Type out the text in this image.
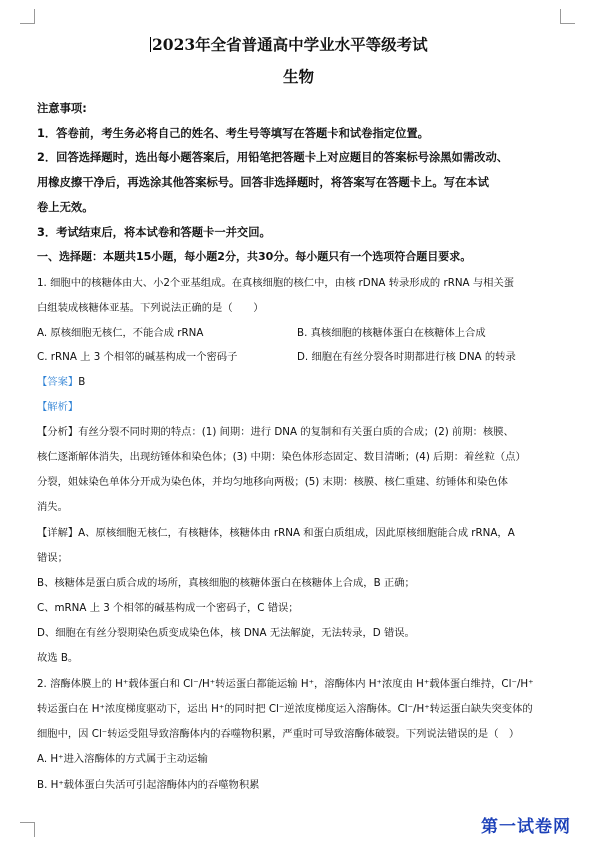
2023年全省普通高中学业水平等级考试
生物
注意事项:
1．答卷前，考生务必将自己的姓名、考生号等填写在答题卡和试卷指定位置。
2．回答选择题时，选出每小题答案后，用铅笔把答题卡上对应题目的答案标号涂黑如需改动、
用橡皮擦干净后，再选涂其他答案标号。回答非选择题时，将答案写在答题卡上。写在本试
卷上无效。
3．考试结束后，将本试卷和答题卡一并交回。
一、选择题：本题共15小题，每小题2分，共30分。每小题只有一个选项符合题目要求。
1. 细胞中的核糖体由大、小2个亚基组成。在真核细胞的核仁中，由核 rDNA 转录形成的 rRNA 与相关蛋
白组装成核糖体亚基。下列说法正确的是（　　）
A. 原核细胞无核仁，不能合成 rRNA	B. 真核细胞的核糖体蛋白在核糖体上合成
C. rRNA 上 3 个相邻的碱基构成一个密码子	D. 细胞在有丝分裂各时期都进行核 DNA 的转录
【答案】B
【解析】
【分析】有丝分裂不同时期的特点：(1) 间期：进行 DNA 的复制和有关蛋白质的合成；(2) 前期：核膜、
核仁逐渐解体消失，出现纺锤体和染色体；(3) 中期：染色体形态固定、数目清晰；(4) 后期：着丝粒（点）
分裂，姐妹染色单体分开成为染色体，并均匀地移向两极；(5) 末期：核膜、核仁重建、纺锤体和染色体
消失。
【详解】A、原核细胞无核仁，有核糖体，核糖体由 rRNA 和蛋白质组成，因此原核细胞能合成 rRNA，A
错误；
B、核糖体是蛋白质合成的场所，真核细胞的核糖体蛋白在核糖体上合成，B 正确；
C、mRNA 上 3 个相邻的碱基构成一个密码子，C 错误；
D、细胞在有丝分裂期染色质变成染色体，核 DNA 无法解旋，无法转录，D 错误。
故选 B。
2. 溶酶体膜上的 H⁺载体蛋白和 Cl⁻/H⁺转运蛋白都能运输 H⁺，溶酶体内 H⁺浓度由 H⁺载体蛋白维持，Cl⁻/H⁺
转运蛋白在 H⁺浓度梯度驱动下，运出 H⁺的同时把 Cl⁻逆浓度梯度运入溶酶体。Cl⁻/H⁺转运蛋白缺失突变体的
细胞中，因 Cl⁻转运受阻导致溶酶体内的吞噬物积累，严重时可导致溶酶体破裂。下列说法错误的是（　）
A. H⁺进入溶酶体的方式属于主动运输
B. H⁺载体蛋白失活可引起溶酶体内的吞噬物积累
第一试卷网
